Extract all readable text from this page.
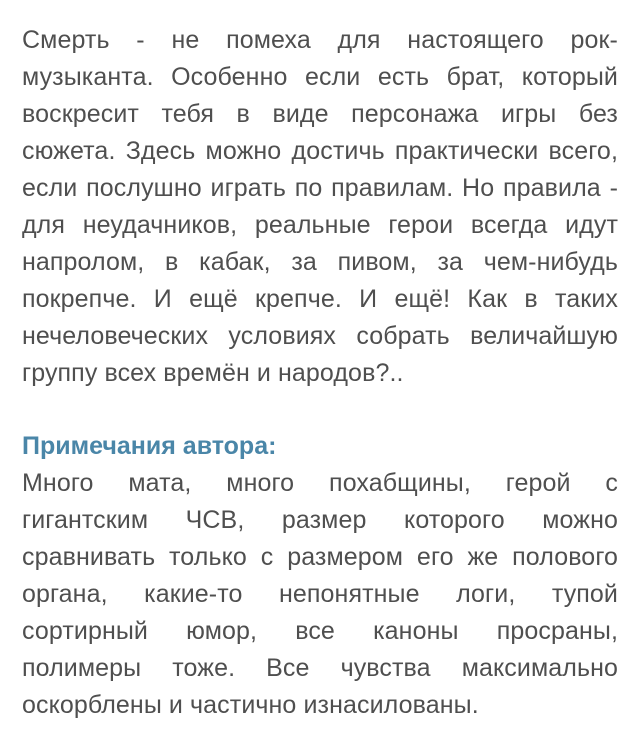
Смерть - не помеха для настоящего рок-
музыканта. Особенно если есть брат, который
воскресит тебя в виде персонажа игры без
сюжета. Здесь можно достичь практически всего,
если послушно играть по правилам. Но правила -
для неудачников, реальные герои всегда идут
напролом, в кабак, за пивом, за чем-нибудь
покрепче. И ещё крепче. И ещё! Как в таких
нечеловеческих условиях собрать величайшую
группу всех времён и народов?..
Примечания автора:
Много мата, много похабщины, герой с
гигантским ЧСВ, размер которого можно
сравнивать только с размером его же полового
органа, какие-то непонятные логи, тупой
сортирный юмор, все каноны просраны,
полимеры тоже. Все чувства максимально
оскорблены и частично изнасилованы.
